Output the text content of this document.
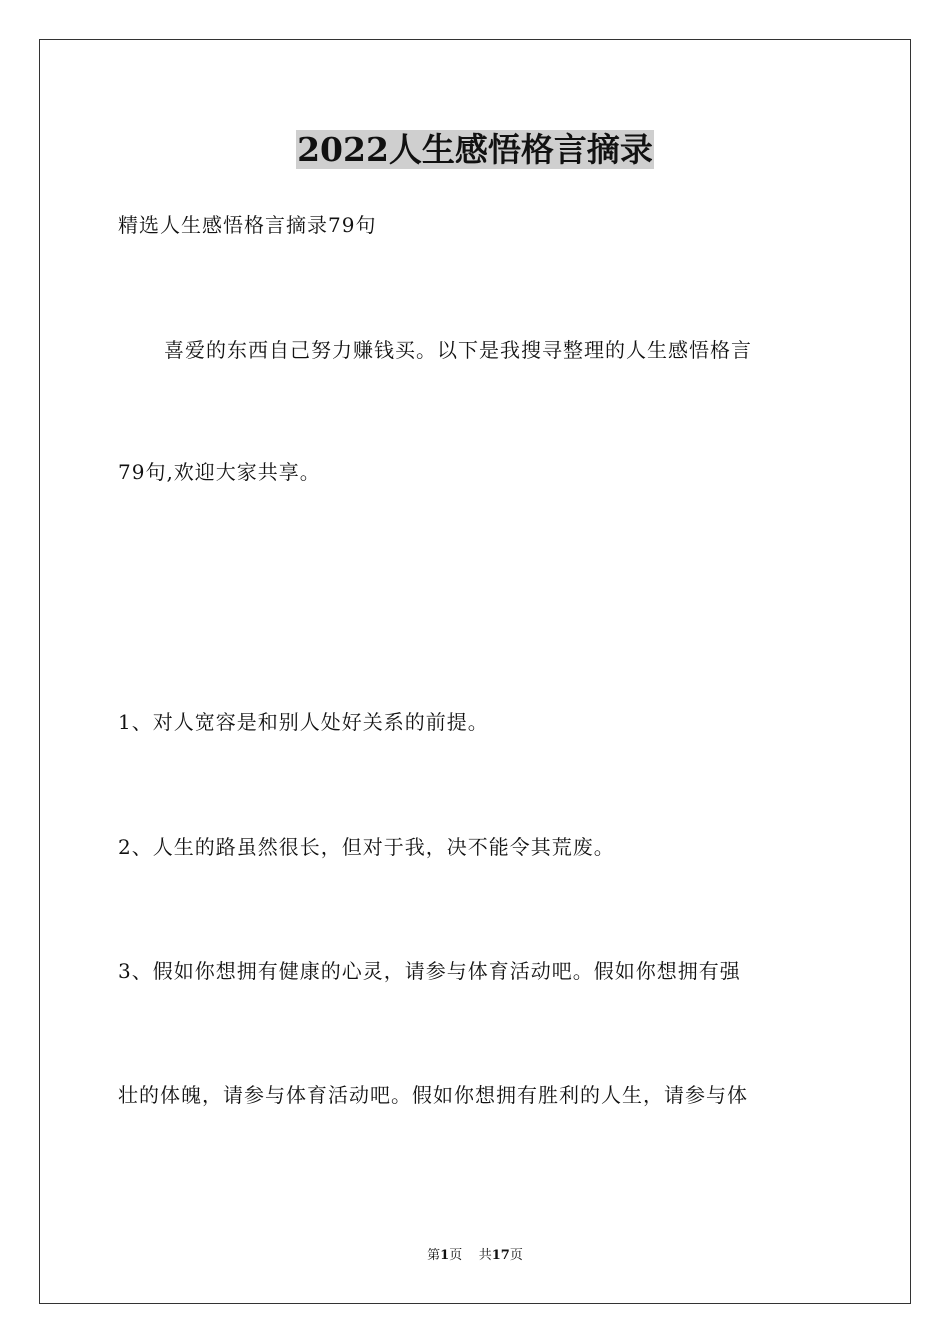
2022人生感悟格言摘录

精选人生感悟格言摘录79句

喜爱的东西自己努力赚钱买。以下是我搜寻整理的人生感悟格言

79句,欢迎大家共享。

1、对人宽容是和别人处好关系的前提。

2、人生的路虽然很长，但对于我，决不能令其荒废。

3、假如你想拥有健康的心灵，请参与体育活动吧。假如你想拥有强

壮的体魄，请参与体育活动吧。假如你想拥有胜利的人生，请参与体

第1页 共17页
